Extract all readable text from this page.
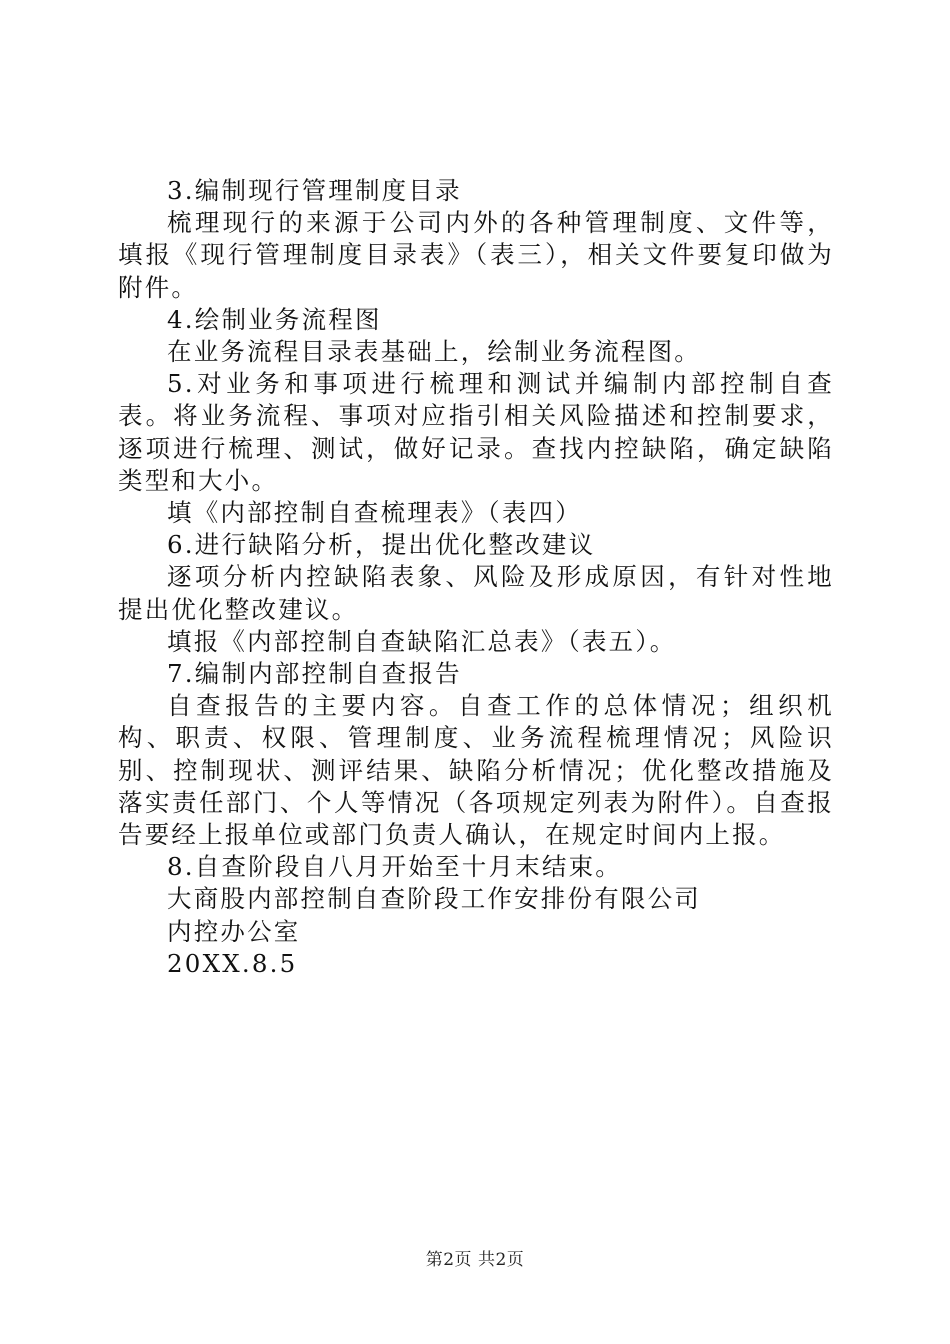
3.编制现行管理制度目录

梳理现行的来源于公司内外的各种管理制度、文件等，填报《现行管理制度目录表》（表三），相关文件要复印做为附件。

4.绘制业务流程图

在业务流程目录表基础上，绘制业务流程图。

5.对业务和事项进行梳理和测试并编制内部控制自查表。将业务流程、事项对应指引相关风险描述和控制要求，逐项进行梳理、测试，做好记录。查找内控缺陷，确定缺陷类型和大小。

填《内部控制自查梳理表》（表四）

6.进行缺陷分析，提出优化整改建议

逐项分析内控缺陷表象、风险及形成原因，有针对性地提出优化整改建议。

填报《内部控制自查缺陷汇总表》（表五）。

7.编制内部控制自查报告

自查报告的主要内容。自查工作的总体情况；组织机构、职责、权限、管理制度、业务流程梳理情况；风险识别、控制现状、测评结果、缺陷分析情况；优化整改措施及落实责任部门、个人等情况（各项规定列表为附件）。自查报告要经上报单位或部门负责人确认，在规定时间内上报。

8.自查阶段自八月开始至十月末结束。

大商股内部控制自查阶段工作安排份有限公司

内控办公室

20XX.8.5

第2页 共2页
